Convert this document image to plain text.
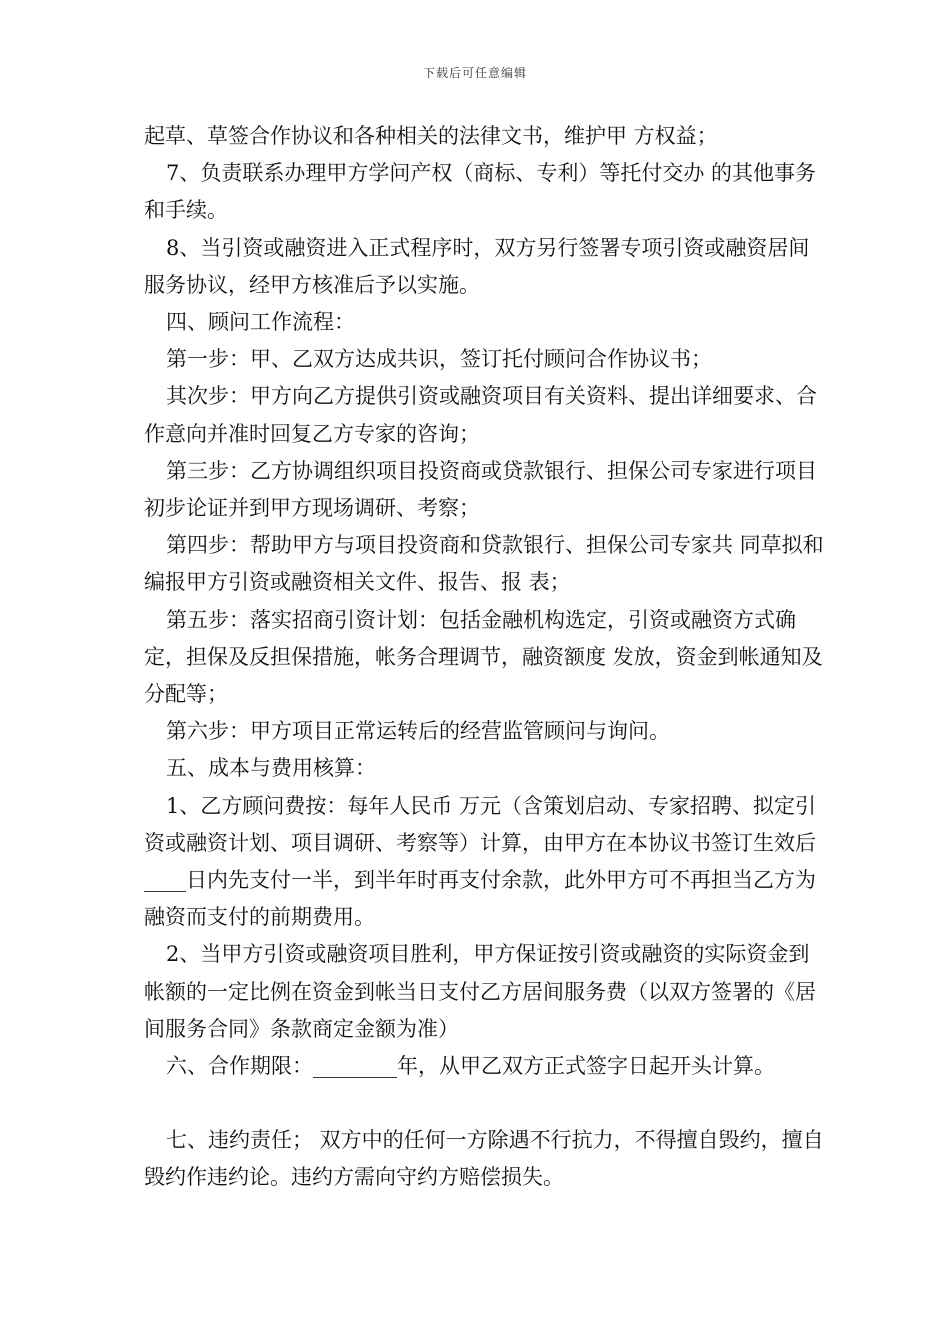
下载后可任意编辑

起草、草签合作协议和各种相关的法律文书，维护甲 方权益；

7、负责联系办理甲方学问产权（商标、专利）等托付交办 的其他事务和手续。

8、当引资或融资进入正式程序时，双方另行签署专项引资或融资居间服务协议，经甲方核准后予以实施。

四、顾问工作流程：

第一步：甲、乙双方达成共识，签订托付顾问合作协议书；

其次步：甲方向乙方提供引资或融资项目有关资料、提出详细要求、合作意向并准时回复乙方专家的咨询；

第三步：乙方协调组织项目投资商或贷款银行、担保公司专家进行项目初步论证并到甲方现场调研、考察；

第四步：帮助甲方与项目投资商和贷款银行、担保公司专家共 同草拟和编报甲方引资或融资相关文件、报告、报 表；

第五步：落实招商引资计划：包括金融机构选定，引资或融资方式确定，担保及反担保措施，帐务合理调节，融资额度 发放，资金到帐通知及分配等；

第六步：甲方项目正常运转后的经营监管顾问与询问。

五、成本与费用核算：

1、乙方顾问费按：每年人民币 万元（含策划启动、专家招聘、拟定引资或融资计划、项目调研、考察等）计算，由甲方在本协议书签订生效后____日内先支付一半，到半年时再支付余款，此外甲方可不再担当乙方为融资而支付的前期费用。

2、当甲方引资或融资项目胜利，甲方保证按引资或融资的实际资金到帐额的一定比例在资金到帐当日支付乙方居间服务费（以双方签署的《居间服务合同》条款商定金额为准）

六、合作期限：________年，从甲乙双方正式签字日起开头计算。

七、违约责任； 双方中的任何一方除遇不行抗力，不得擅自毁约，擅自毁约作违约论。违约方需向守约方赔偿损失。
